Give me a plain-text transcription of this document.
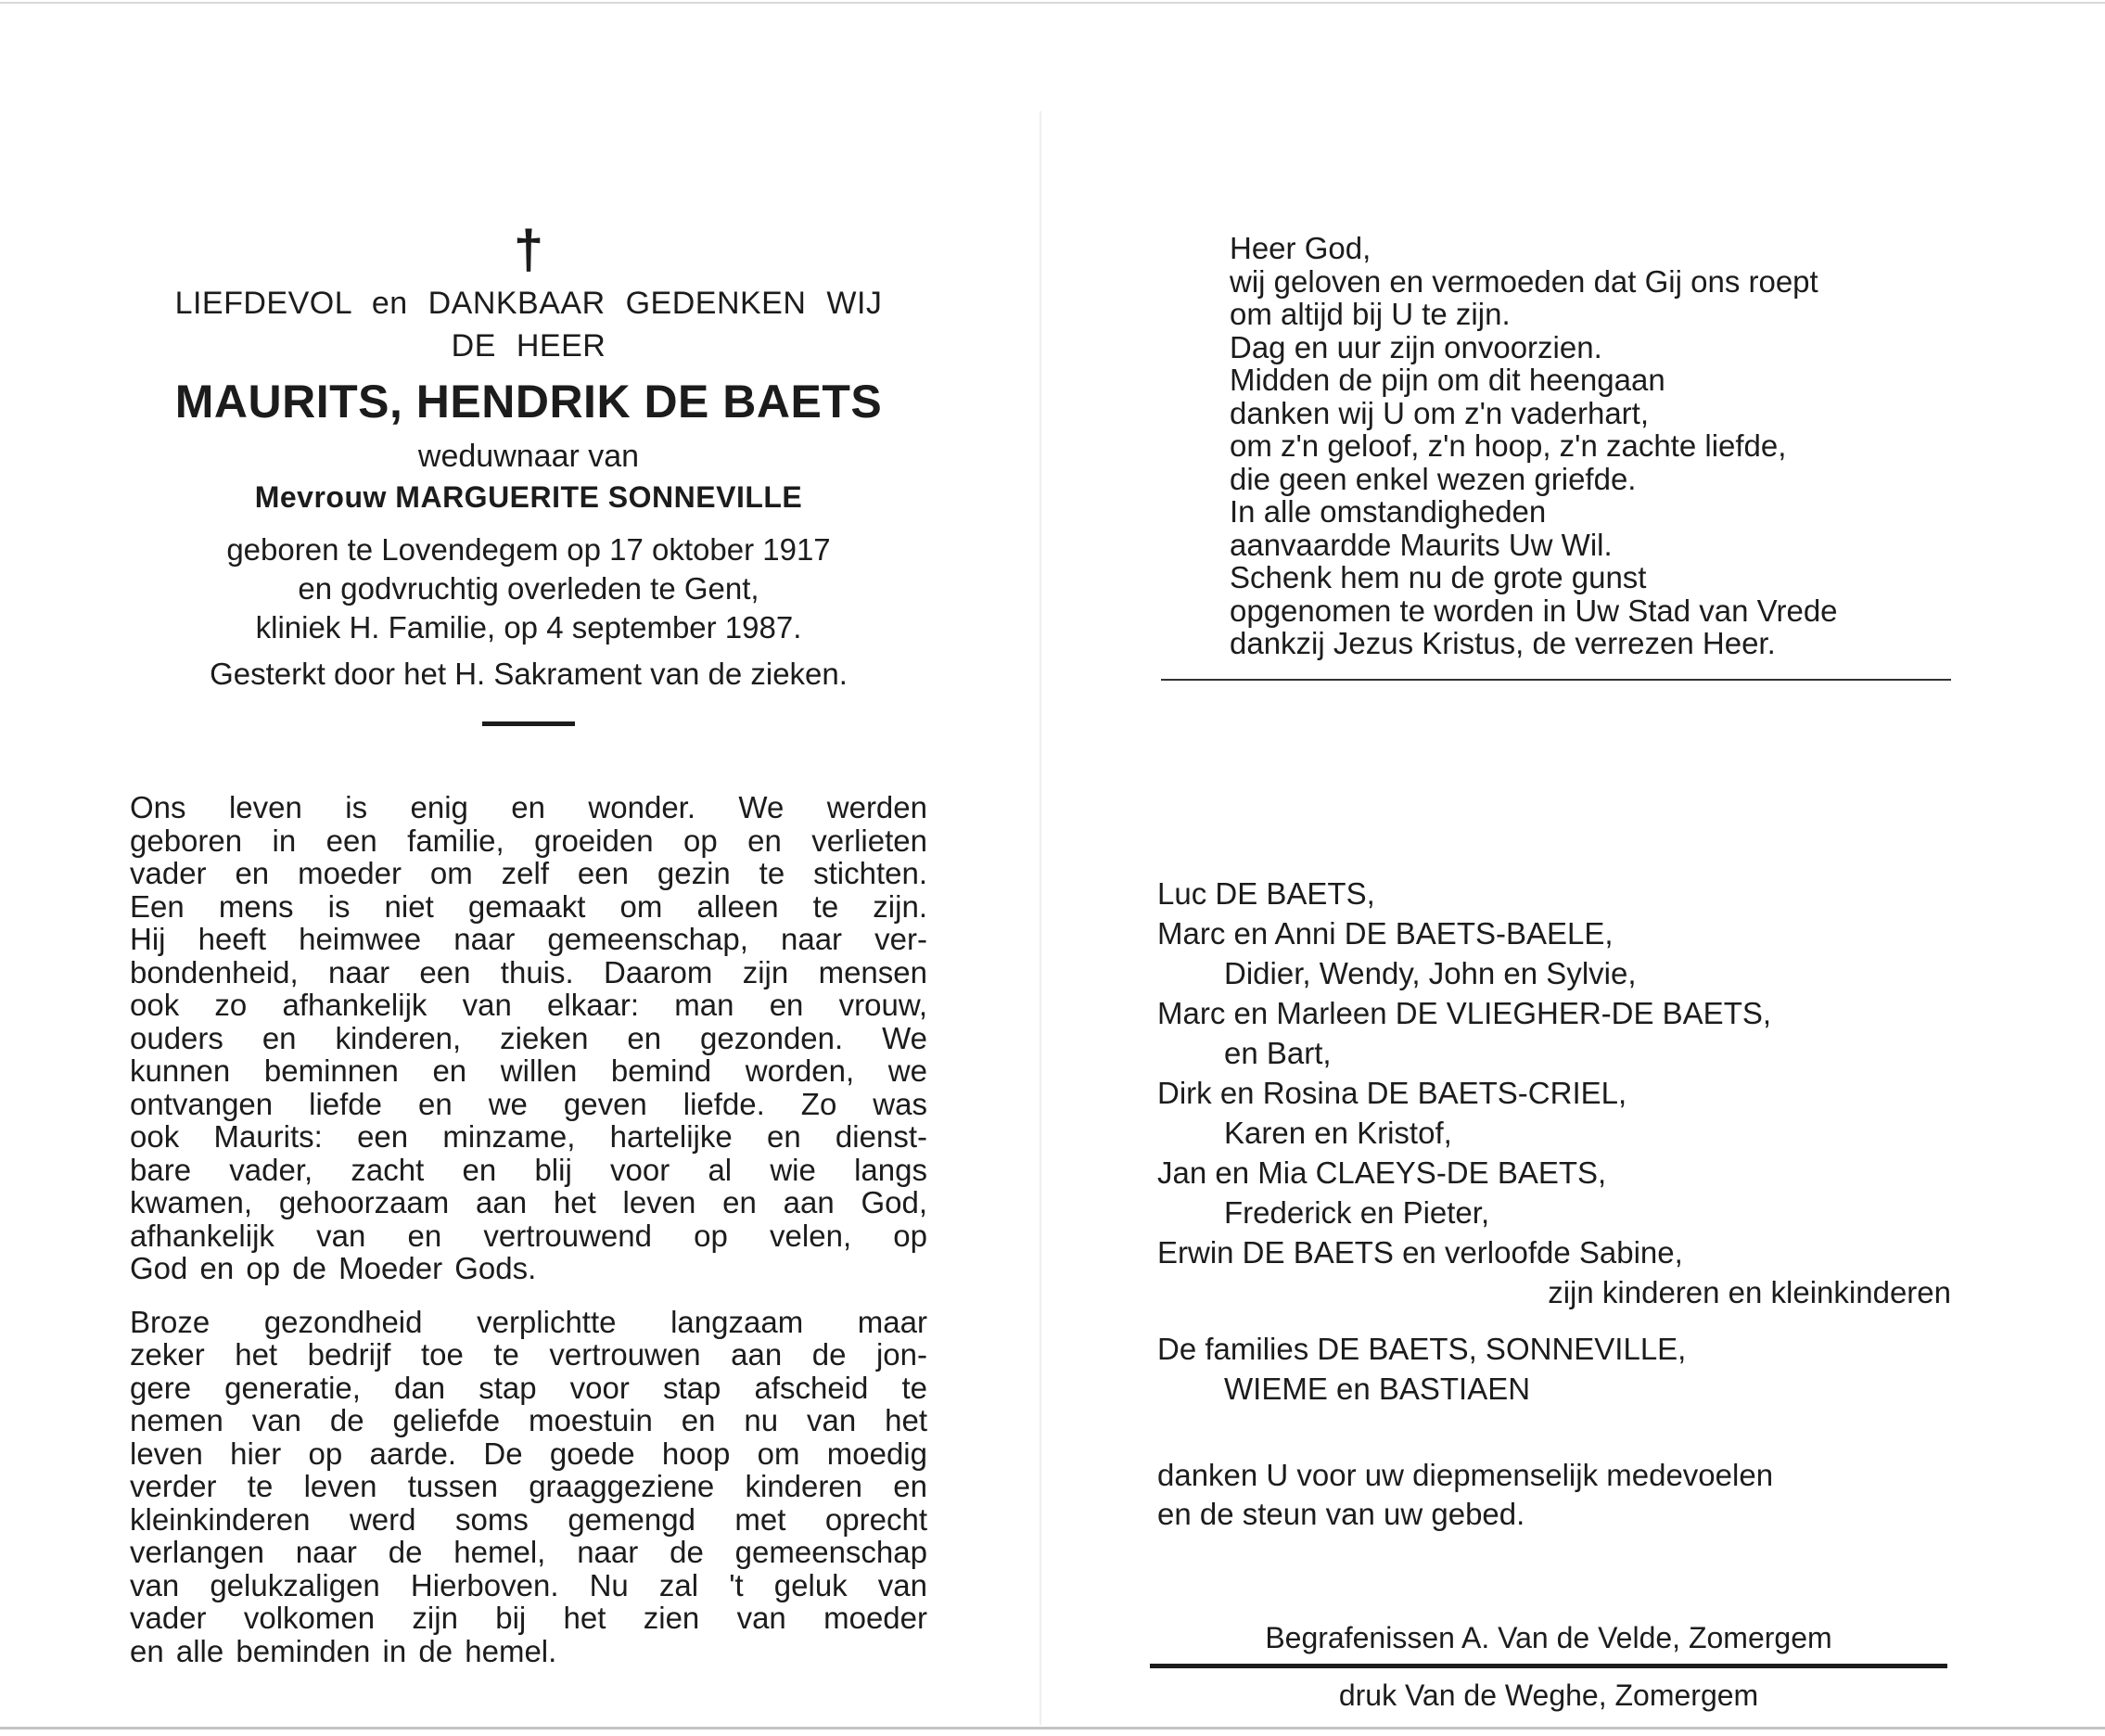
†
LIEFDEVOL en DANKBAAR GEDENKEN WIJ
DE HEER
MAURITS, HENDRIK DE BAETS
weduwnaar van
Mevrouw MARGUERITE SONNEVILLE
geboren te Lovendegem op 17 oktober 1917
en godvruchtig overleden te Gent,
kliniek H. Familie, op 4 september 1987.
Gesterkt door het H. Sakrament van de zieken.
Ons leven is enig en wonder. We werden
geboren in een familie, groeiden op en verlieten
vader en moeder om zelf een gezin te stichten.
Een mens is niet gemaakt om alleen te zijn.
Hij heeft heimwee naar gemeenschap, naar ver-
bondenheid, naar een thuis. Daarom zijn mensen
ook zo afhankelijk van elkaar: man en vrouw,
ouders en kinderen, zieken en gezonden. We
kunnen beminnen en willen bemind worden, we
ontvangen liefde en we geven liefde. Zo was
ook Maurits: een minzame, hartelijke en dienst-
bare vader, zacht en blij voor al wie langs
kwamen, gehoorzaam aan het leven en aan God,
afhankelijk van en vertrouwend op velen, op
God en op de Moeder Gods.
Broze gezondheid verplichtte langzaam maar
zeker het bedrijf toe te vertrouwen aan de jon-
gere generatie, dan stap voor stap afscheid te
nemen van de geliefde moestuin en nu van het
leven hier op aarde. De goede hoop om moedig
verder te leven tussen graaggeziene kinderen en
kleinkinderen werd soms gemengd met oprecht
verlangen naar de hemel, naar de gemeenschap
van gelukzaligen Hierboven. Nu zal 't geluk van
vader volkomen zijn bij het zien van moeder
en alle beminden in de hemel.
Heer God,
wij geloven en vermoeden dat Gij ons roept
om altijd bij U te zijn.
Dag en uur zijn onvoorzien.
Midden de pijn om dit heengaan
danken wij U om z'n vaderhart,
om z'n geloof, z'n hoop, z'n zachte liefde,
die geen enkel wezen griefde.
In alle omstandigheden
aanvaardde Maurits Uw Wil.
Schenk hem nu de grote gunst
opgenomen te worden in Uw Stad van Vrede
dankzij Jezus Kristus, de verrezen Heer.
Luc DE BAETS,
Marc en Anni DE BAETS-BAELE,
Didier, Wendy, John en Sylvie,
Marc en Marleen DE VLIEGHER-DE BAETS,
en Bart,
Dirk en Rosina DE BAETS-CRIEL,
Karen en Kristof,
Jan en Mia CLAEYS-DE BAETS,
Frederick en Pieter,
Erwin DE BAETS en verloofde Sabine,
zijn kinderen en kleinkinderen
De families DE BAETS, SONNEVILLE,
WIEME en BASTIAEN
danken U voor uw diepmenselijk medevoelen
en de steun van uw gebed.
Begrafenissen A. Van de Velde, Zomergem
druk Van de Weghe, Zomergem
